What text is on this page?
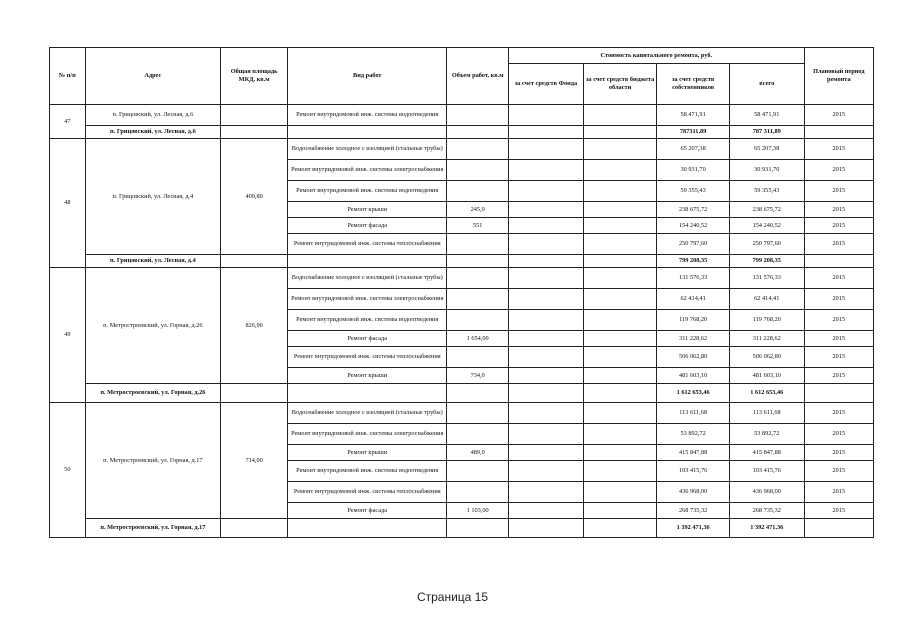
№ п/п	Адрес	Общая площадь МКД, кв.м	Вид работ	Объем работ, кв.м	Стоимость капитального ремонта, руб.				Плановый период ремонта
					за счет средств Фонда	за счет средств бюджета области	за счет средств собственников	всего	
47	п. Грицовский, ул. Лесная, д.6		Ремонт внутридомовой инж. системы водоотведения				58 471,91	58 471,91	2015
	п. Грицовский, ул. Лесная, д.6						787311,89	787 311,89	
48	п. Грицовский, ул. Лесная, д.4	409,80	Водоснабжение холодное с изоляцией (стальные трубы)				65 207,38	65 207,38	2015
			Ремонт внутридомовой инж. системы электроснабжения				30 931,70	30 931,70	2015
			Ремонт внутридомовой инж. системы водоотведения				59 355,43	59 355,43	2015
			Ремонт крыши	245,0			238 675,72	238 675,72	2015
			Ремонт фасада	551			154 240,52	154 240,52	2015
			Ремонт внутридомовой инж. системы теплоснабжения				250 797,60	250 797,60	2015
	п. Грицовский, ул. Лесная, д.4						799 208,35	799 208,35	
49	п. Метростроевский, ул. Горная, д.26	826,90	Водоснабжение холодное с изоляцией (стальные трубы)				131 576,33	131 576,33	2015
			Ремонт внутридомовой инж. системы электроснабжения				62 414,41	62 414,41	2015
			Ремонт внутридомовой инж. системы водоотведения				119 768,20	119 768,20	2015
			Ремонт фасада	1 654,00			311 228,62	311 228,62	2015
			Ремонт внутридомовой инж. системы теплоснабжения				506 062,80	506 062,80	2015
			Ремонт крыши	734,0			481 603,10	481 603,10	2015
	п. Метростроевский, ул. Горная, д.26						1 612 653,46	1 612 653,46	
50	п. Метростроевский, ул. Горная, д.17	714,00	Водоснабжение холодное с изоляцией (стальные трубы)				113 611,68	113 611,68	2015
			Ремонт внутридомовой инж. системы электроснабжения				53 892,72	53 892,72	2015
			Ремонт крыши	489,0			415 847,88	415 847,88	2015
			Ремонт внутридомовой инж. системы водоотведения				103 415,76	103 415,76	2015
			Ремонт внутридомовой инж. системы теплоснабжения				436 968,00	436 968,00	2015
			Ремонт фасада	1 103,00			268 735,32	268 735,32	2015
	п. Метростроевский, ул. Горная, д.17						1 392 471,36	1 392 471,36	
Страница 15
